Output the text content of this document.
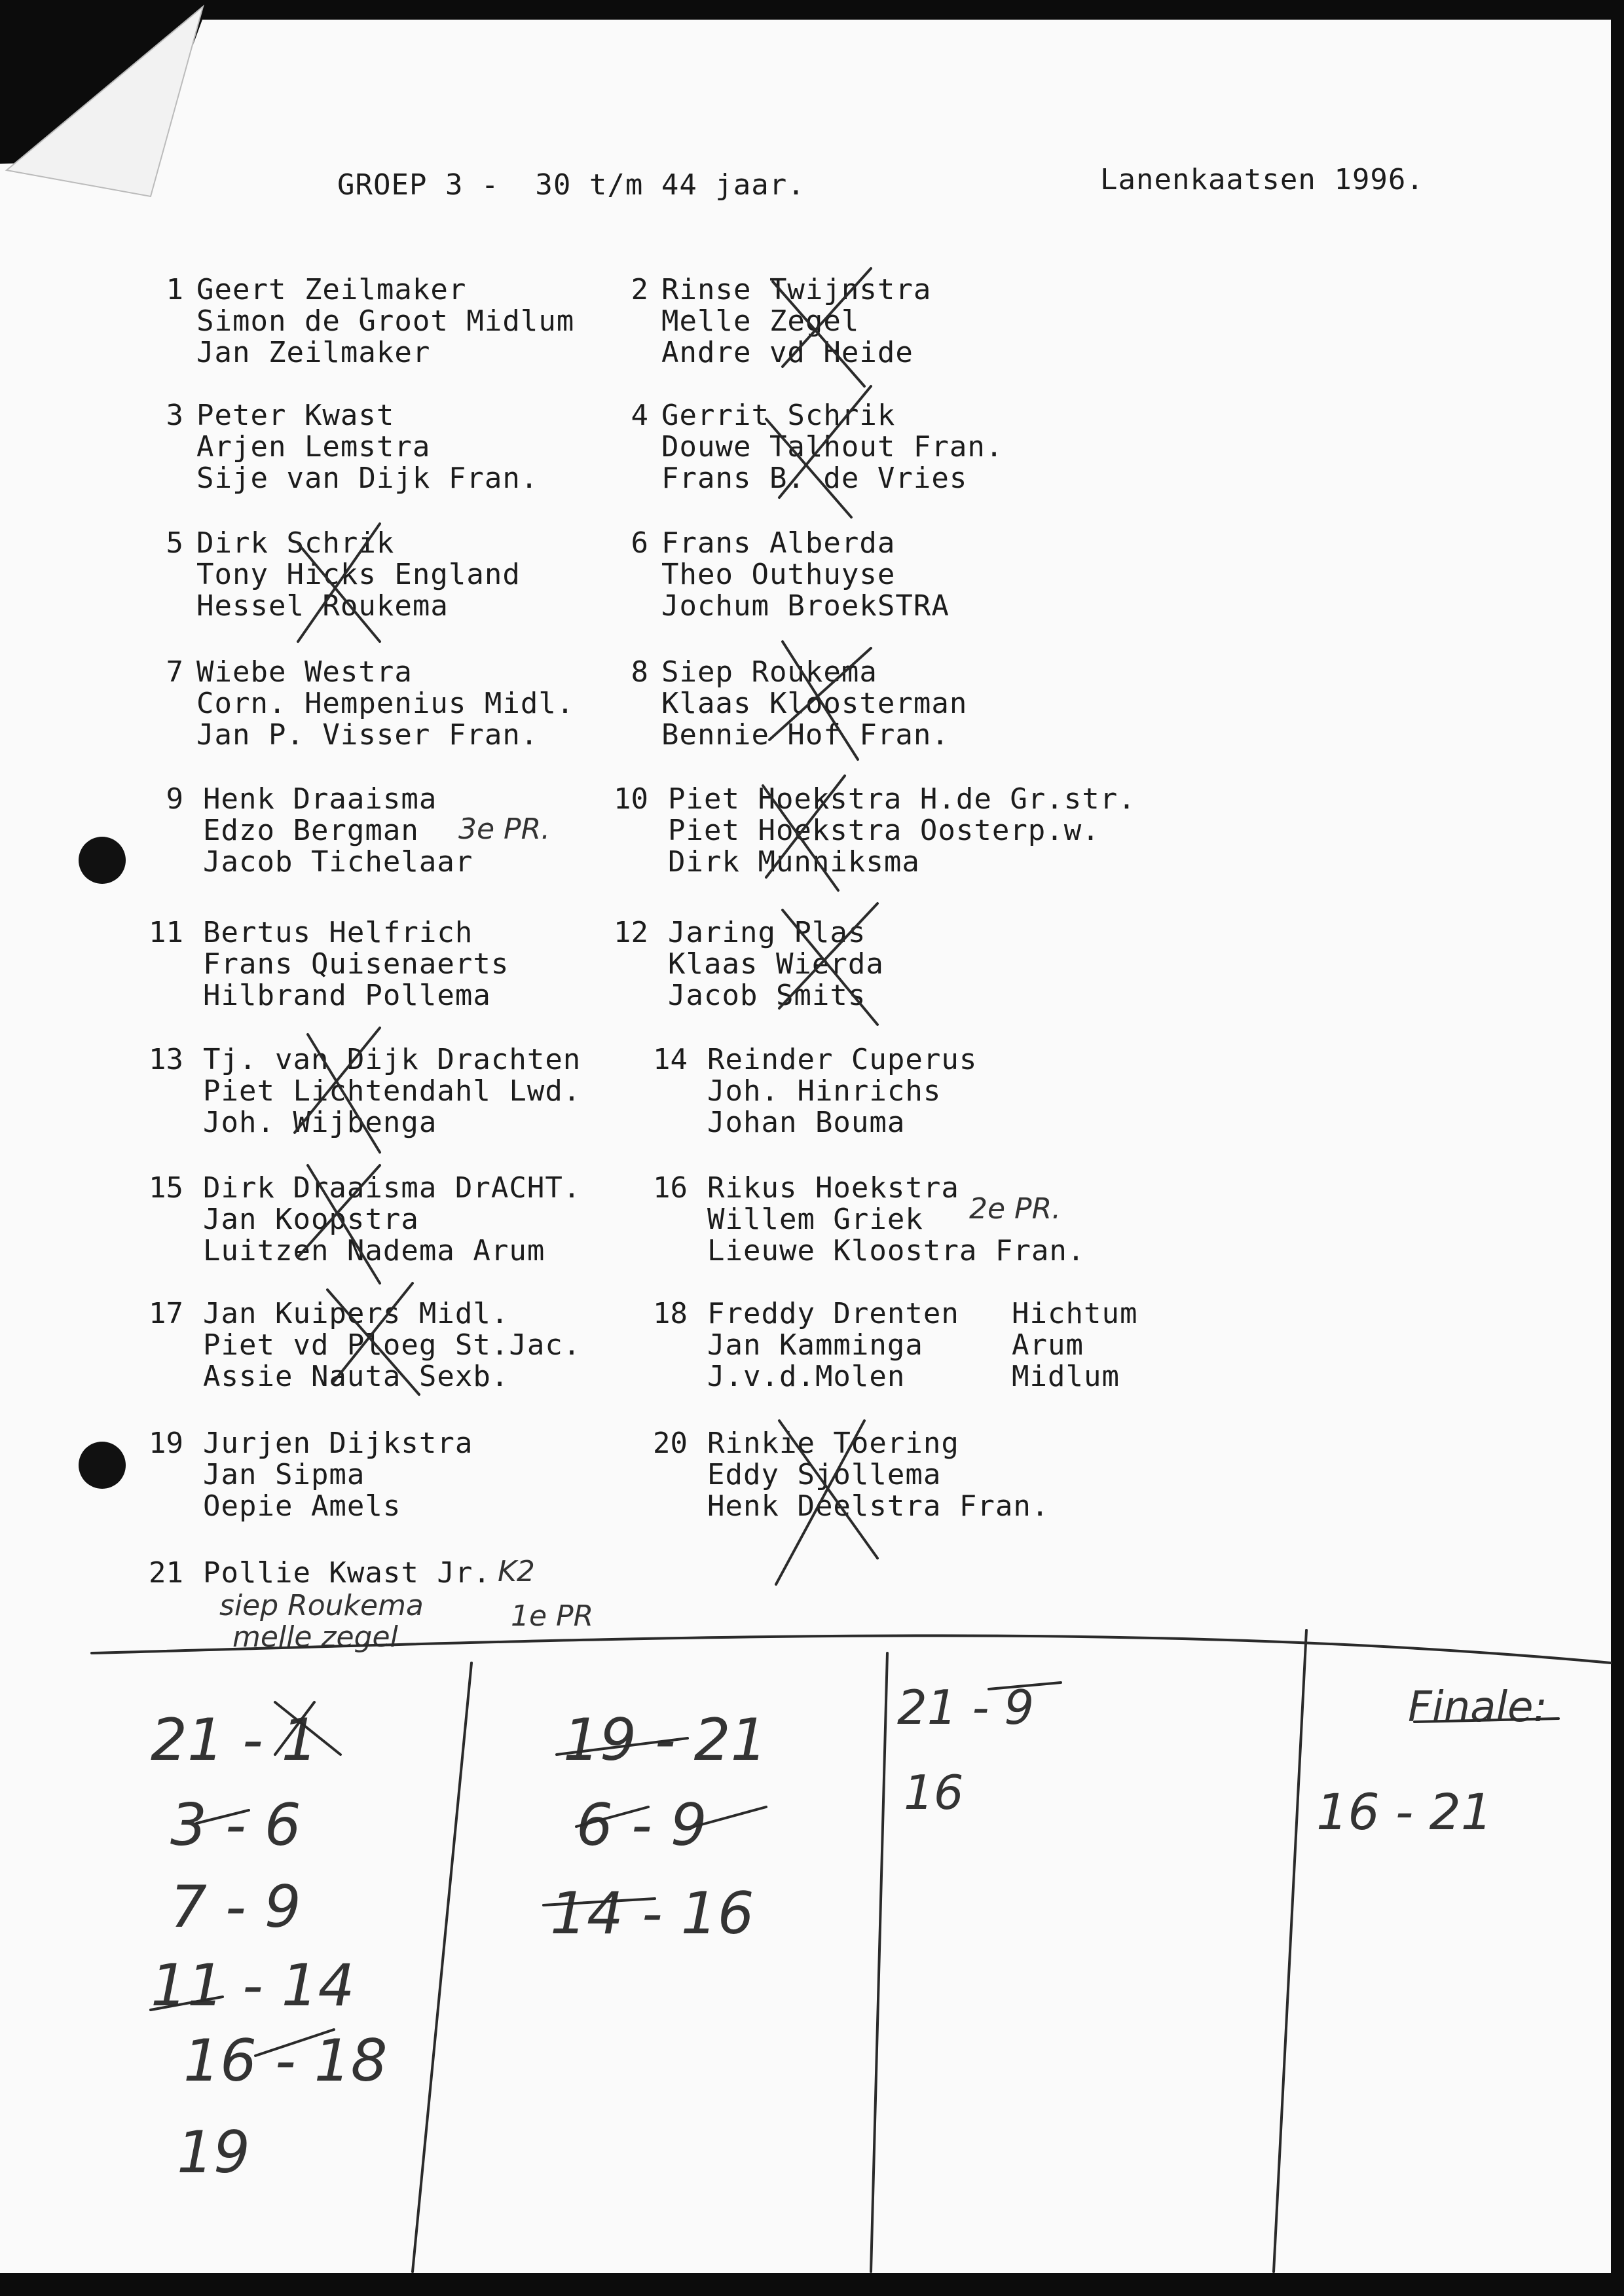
GROEP 3 -  30 t/m 44 jaar.	Lanenkaatsen 1996.
1 Geert Zeilmaker
Simon de Groot Midlum
Jan Zeilmaker
2 Rinse Twijnstra
Melle Zegel
Andre vd Heide
3 Peter Kwast
Arjen Lemstra
Sije van Dijk Fran.
4 Gerrit Schrik
Douwe Talhout Fran.
Frans B. de Vries
5 Dirk Schrik
Tony Hicks England
Hessel Roukema
6 Frans Alberda
Theo Outhuyse
Jochum BroekSTRA
7 Wiebe Westra
Corn. Hempenius Midl.
Jan P. Visser Fran.
8 Siep Roukema
Klaas Kloosterman
Bennie Hof Fran.
9 Henk Draaisma
Edzo Bergman
Jacob Tichelaar
10 Piet Hoekstra H.de Gr.str.
Piet Hoekstra Oosterp.w.
Dirk Munniksma
11 Bertus Helfrich
Frans Quisenaerts
Hilbrand Pollema
12 Jaring Plas
Klaas Wierda
Jacob Smits
13 Tj. van Dijk Drachten
Piet Lichtendahl Lwd.
Joh. Wijbenga
14 Reinder Cuperus
Joh. Hinrichs
Johan Bouma
15 Dirk Draaisma DrACHT.
Jan Koopstra
Luitzen Nadema Arum
16 Rikus Hoekstra
Willem Griek
Lieuwe Kloostra Fran.
17 Jan Kuipers Midl.
Piet vd Ploeg St.Jac.
Assie Nauta Sexb.
18 Freddy Drenten
Jan Kamminga
J.v.d.Molen
Hichtum
Arum
Midlum
19 Jurjen Dijkstra
Jan Sipma
Oepie Amels
20 Rinkie Toering
Eddy Sjollema
Henk Deelstra Fran.
21 Pollie Kwast Jr.
siep Roukema
melle zegel
3e PR.
2e PR.
K2
1e PR
21 - 1
3 - 6
7 - 9
11 - 14
16 - 18
19
19 - 21
6 - 9
14 - 16
21 - 9
16
Finale:
16 - 21
